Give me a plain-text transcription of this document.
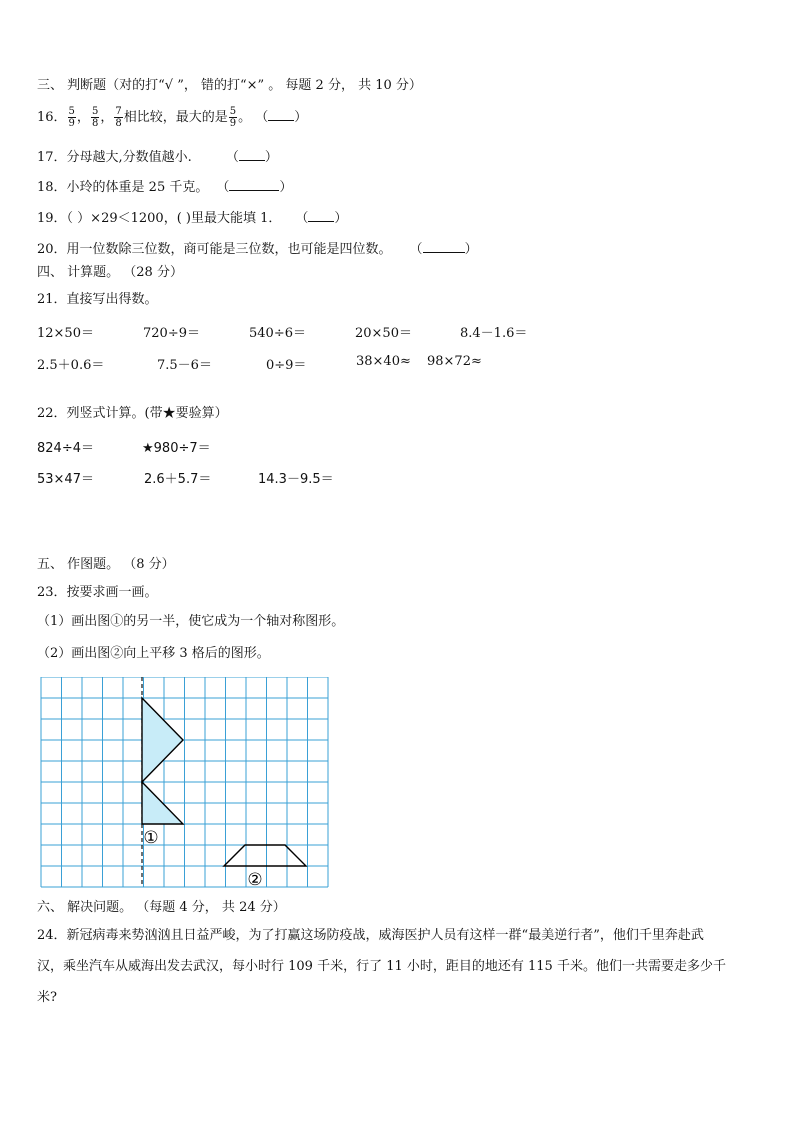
三、 判断题（对的打“√ ”， 错的打“×” 。 每题 2 分， 共 10 分）
16． $\frac{5}{9}$ ， $\frac{5}{8}$ ， $\frac{7}{8}$ 相比较，最大的是 $\frac{5}{9}$ 。 （ ）
17．分母越大,分数值越小.	（ ）
18．小玲的体重是 25 千克。 （	）
19．（ ）×29＜1200，( )里最大能填 1． （ ）
20．用一位数除三位数，商可能是三位数，也可能是四位数。 （	）
四、 计算题。 （28 分）
21．直接写出得数。
12×50＝	720÷9＝	540÷6＝	20×50＝	8.4－1.6＝
2.5＋0.6＝	7.5－6＝	0÷9＝	38×40≈ 98×72≈
22．列竖式计算。(带★要验算）
824÷4＝	★980÷7＝
53×47＝	2.6＋5.7＝	14.3－9.5＝
五、 作图题。 （8 分）
23．按要求画一画。
（1）画出图①的另一半，使它成为一个轴对称图形。
（2）画出图②向上平移 3 格后的图形。
①
②
六、 解决问题。 （每题 4 分， 共 24 分）
24．新冠病毒来势汹汹且日益严峻，为了打赢这场防疫战，威海医护人员有这样一群“最美逆行者”，他们千里奔赴武
汉，乘坐汽车从威海出发去武汉，每小时行 109 千米，行了 11 小时，距目的地还有 115 千米。他们一共需要走多少千
米?
